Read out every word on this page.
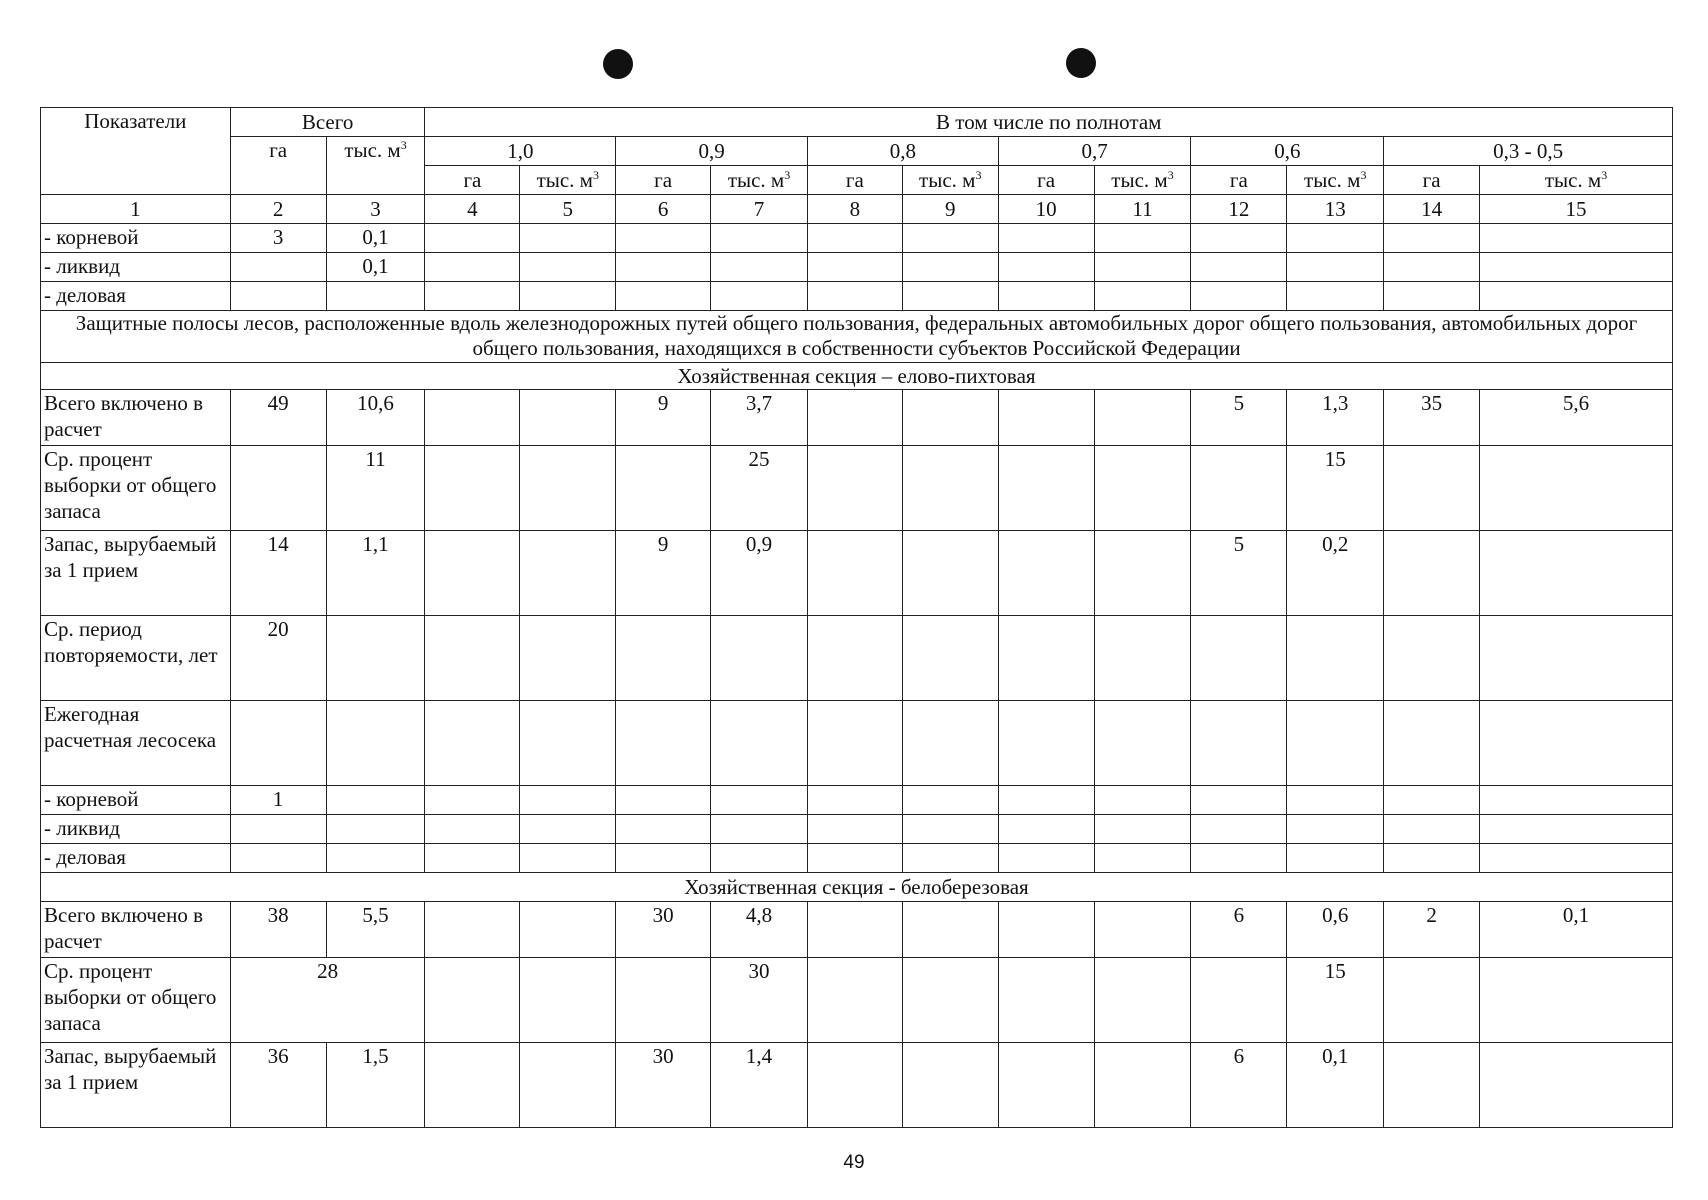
Показатели	Всего		В том числе по полнотам											
	га	тыс. $м^3$	1,0		0,9		0,8		0,7		0,6		0,3 - 0,5	
			га	тыс. $м^3$	га	тыс. $м^3$	га	тыс. $м^3$	га	тыс. $м^3$	га	тыс. $м^3$	га	тыс. $м^3$
1	2	3	4	5	6	7	8	9	10	11	12	13	14	15
- корневой	3	0,1												
- ликвид		0,1												
- деловая														
Защитные полосы лесов, расположенные вдоль железнодорожных путей общего пользования, федеральных автомобильных дорог общего пользования, автомобильных дорог общего пользования, находящихся в собственности субъектов Российской Федерации														
Хозяйственная секция – елово-пихтовая														
Всего включено в расчет	49	10,6			9	3,7					5	1,3	35	5,6
Ср. процент выборки от общего запаса		11				25						15		
Запас, вырубаемый за 1 прием	14	1,1			9	0,9					5	0,2		
Ср. период повторяемости, лет	20													
Ежегодная расчетная лесосека														
- корневой	1													
- ликвид														
- деловая														
Хозяйственная секция - белоберезовая														
Всего включено в расчет	38	5,5			30	4,8					6	0,6	2	0,1
Ср. процент выборки от общего запаса	28					30						15		
Запас, вырубаемый за 1 прием	36	1,5			30	1,4					6	0,1		
49
